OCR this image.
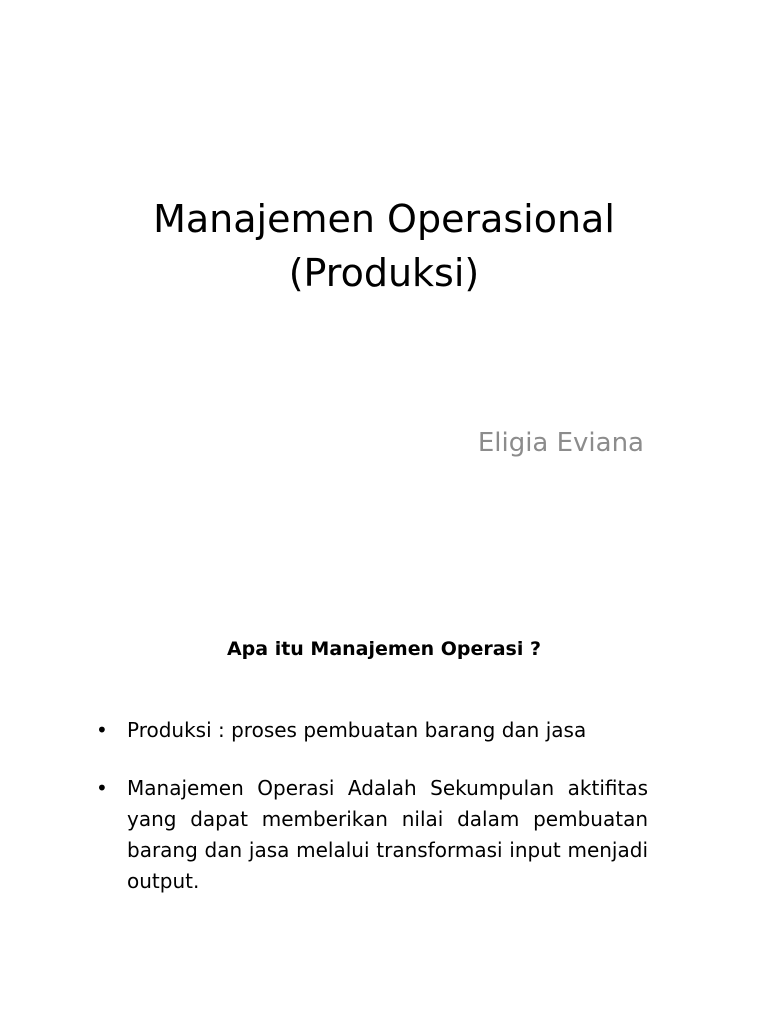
Manajemen Operasional
(Produksi)

Eligia Eviana

Apa itu Manajemen Operasi ?
• Produksi : proses pembuatan barang dan jasa
• Manajemen Operasi Adalah Sekumpulan aktifitas yang dapat memberikan nilai dalam pembuatan barang dan jasa melalui transformasi input menjadi output.
